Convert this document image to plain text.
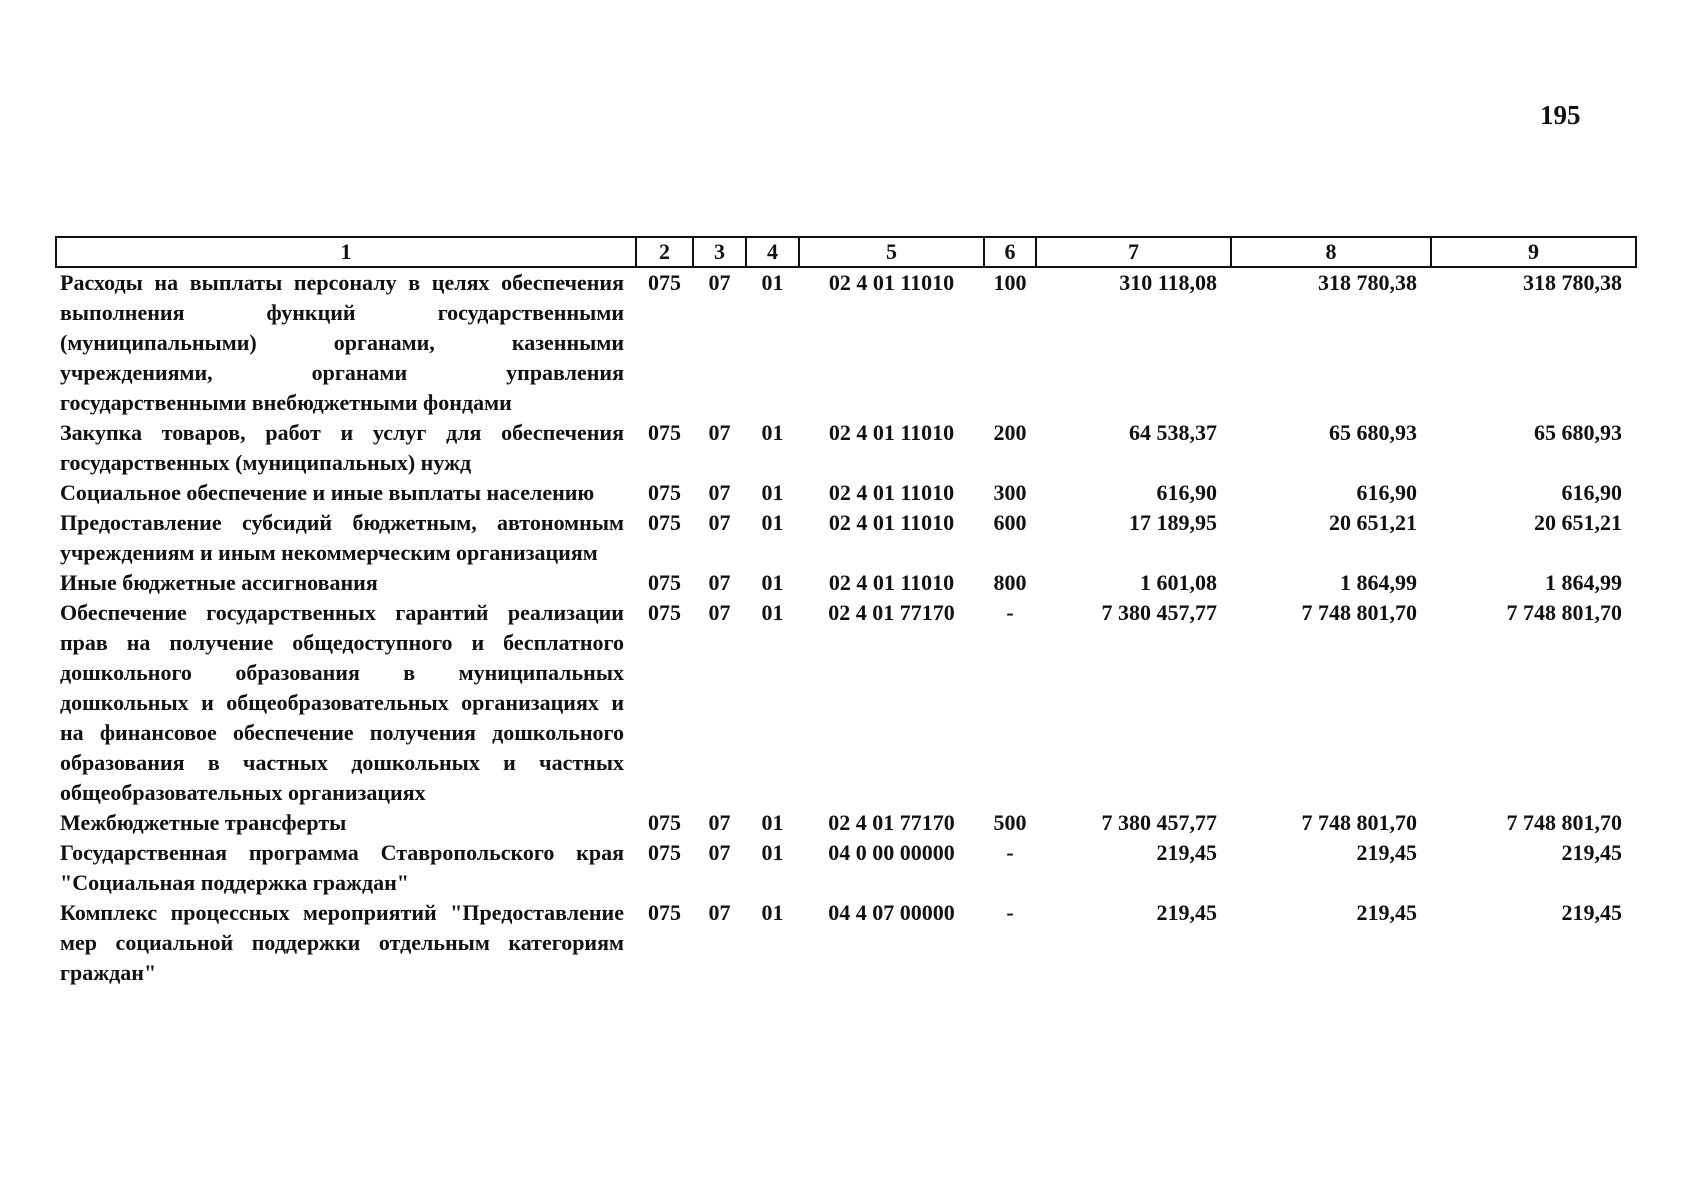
195
1	2	3	4	5	6	7	8	9
Расходы на выплаты персоналу в целях обеспечения выполнения функций государственными (муниципальными) органами, казенными учреждениями, органами управления государственными внебюджетными фондами	075	07	01	02 4 01 11010	100	310 118,08	318 780,38	318 780,38
Закупка товаров, работ и услуг для обеспечения государственных (муниципальных) нужд	075	07	01	02 4 01 11010	200	64 538,37	65 680,93	65 680,93
Социальное обеспечение и иные выплаты населению	075	07	01	02 4 01 11010	300	616,90	616,90	616,90
Предоставление субсидий бюджетным, автономным учреждениям и иным некоммерческим организациям	075	07	01	02 4 01 11010	600	17 189,95	20 651,21	20 651,21
Иные бюджетные ассигнования	075	07	01	02 4 01 11010	800	1 601,08	1 864,99	1 864,99
Обеспечение государственных гарантий реализации прав на получение общедоступного и бесплатного дошкольного образования в муниципальных дошкольных и общеобразовательных организациях и на финансовое обеспечение получения дошкольного образования в частных дошкольных и частных общеобразовательных организациях	075	07	01	02 4 01 77170	-	7 380 457,77	7 748 801,70	7 748 801,70
Межбюджетные трансферты	075	07	01	02 4 01 77170	500	7 380 457,77	7 748 801,70	7 748 801,70
Государственная программа Ставропольского края "Социальная поддержка граждан"	075	07	01	04 0 00 00000	-	219,45	219,45	219,45
Комплекс процессных мероприятий "Предоставление мер социальной поддержки отдельным категориям граждан"	075	07	01	04 4 07 00000	-	219,45	219,45	219,45
